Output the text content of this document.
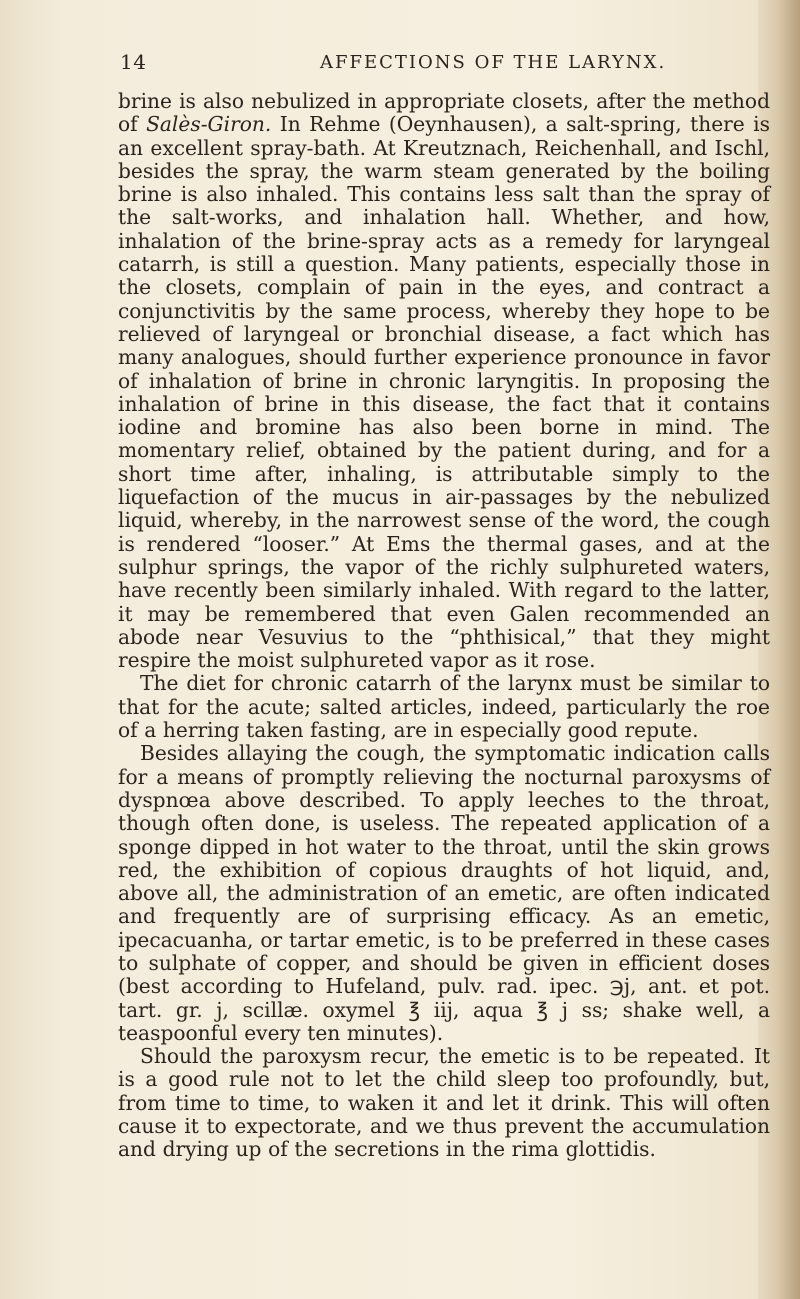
14	AFFECTIONS OF THE LARYNX.

brine is also nebulized in appropriate closets, after the method of Salès-Giron. In Rehme (Oeynhausen), a salt-spring, there is an excellent spray-bath. At Kreutznach, Reichenhall, and Ischl, besides the spray, the warm steam generated by the boiling brine is also inhaled. This contains less salt than the spray of the salt-works, and inhalation hall. Whether, and how, inhalation of the brine-spray acts as a remedy for laryngeal catarrh, is still a question. Many patients, especially those in the closets, complain of pain in the eyes, and contract a conjunctivitis by the same process, whereby they hope to be relieved of laryngeal or bronchial disease, a fact which has many analogues, should further experience pronounce in favor of inhalation of brine in chronic laryngitis. In proposing the inhalation of brine in this disease, the fact that it contains iodine and bromine has also been borne in mind. The momentary relief, obtained by the patient during, and for a short time after, inhaling, is attributable simply to the liquefaction of the mucus in air-passages by the nebulized liquid, whereby, in the narrowest sense of the word, the cough is rendered “looser.” At Ems the thermal gases, and at the sulphur springs, the vapor of the richly sulphureted waters, have recently been similarly inhaled. With regard to the latter, it may be remembered that even Galen recommended an abode near Vesuvius to the “phthisical,” that they might respire the moist sulphureted vapor as it rose.

The diet for chronic catarrh of the larynx must be similar to that for the acute; salted articles, indeed, particularly the roe of a herring taken fasting, are in especially good repute.

Besides allaying the cough, the symptomatic indication calls for a means of promptly relieving the nocturnal paroxysms of dyspnœa above described. To apply leeches to the throat, though often done, is useless. The repeated application of a sponge dipped in hot water to the throat, until the skin grows red, the exhibition of copious draughts of hot liquid, and, above all, the administration of an emetic, are often indicated and frequently are of surprising efficacy. As an emetic, ipecacuanha, or tartar emetic, is to be preferred in these cases to sulphate of copper, and should be given in efficient doses (best according to Hufeland, pulv. rad. ipec. ℈j, ant. et pot. tart. gr. j, scillæ. oxymel ℥ iij, aqua ℥ j ss; shake well, a teaspoonful every ten minutes).

Should the paroxysm recur, the emetic is to be repeated. It is a good rule not to let the child sleep too profoundly, but, from time to time, to waken it and let it drink. This will often cause it to expectorate, and we thus prevent the accumulation and drying up of the secretions in the rima glottidis.
